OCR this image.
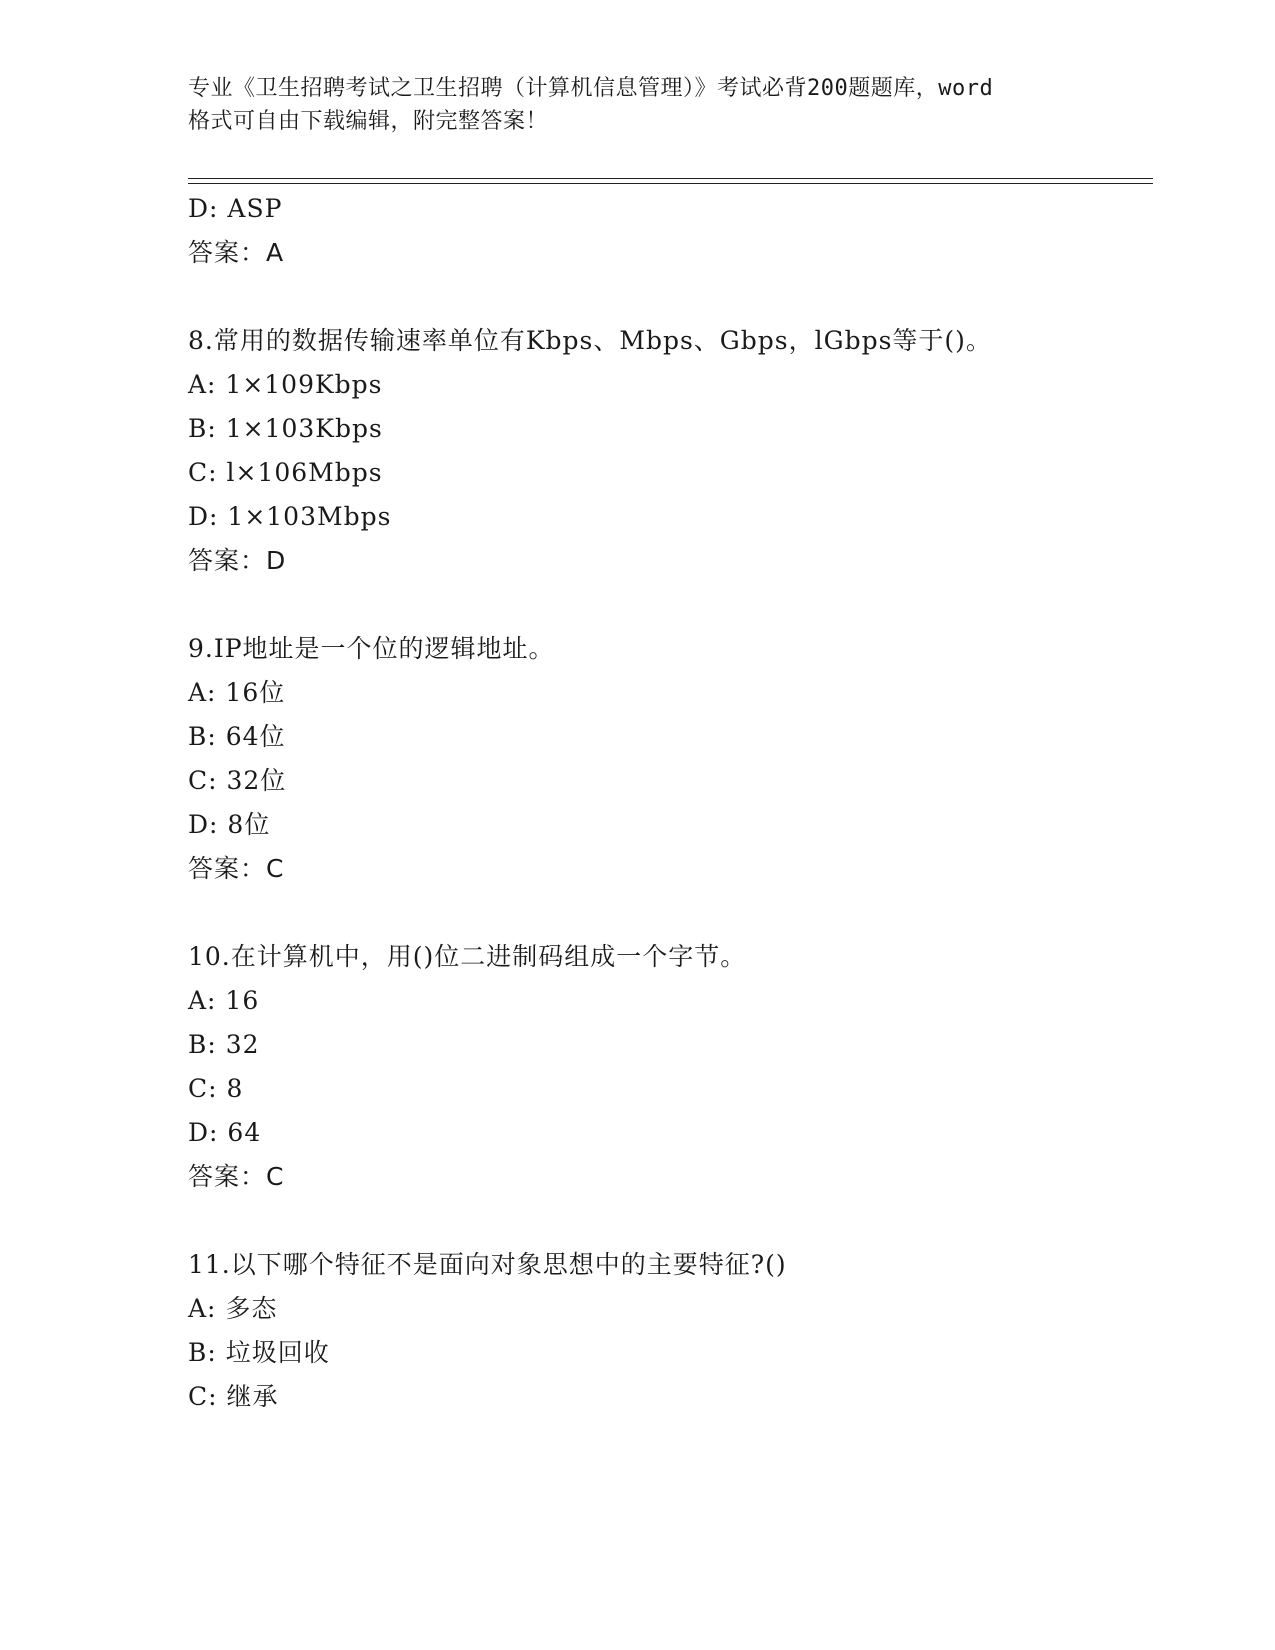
专业《卫生招聘考试之卫生招聘（计算机信息管理）》考试必背200题题库，word
格式可自由下载编辑，附完整答案！
D: ASP
答案：A
8.常用的数据传输速率单位有Kbps、Mbps、Gbps，lGbps等于()。
A: 1×109Kbps
B: 1×103Kbps
C: l×106Mbps
D: 1×103Mbps
答案：D
9.IP地址是一个位的逻辑地址。
A: 16位
B: 64位
C: 32位
D: 8位
答案：C
10.在计算机中，用()位二进制码组成一个字节。
A: 16
B: 32
C: 8
D: 64
答案：C
11.以下哪个特征不是面向对象思想中的主要特征?()
A: 多态
B: 垃圾回收
C: 继承
